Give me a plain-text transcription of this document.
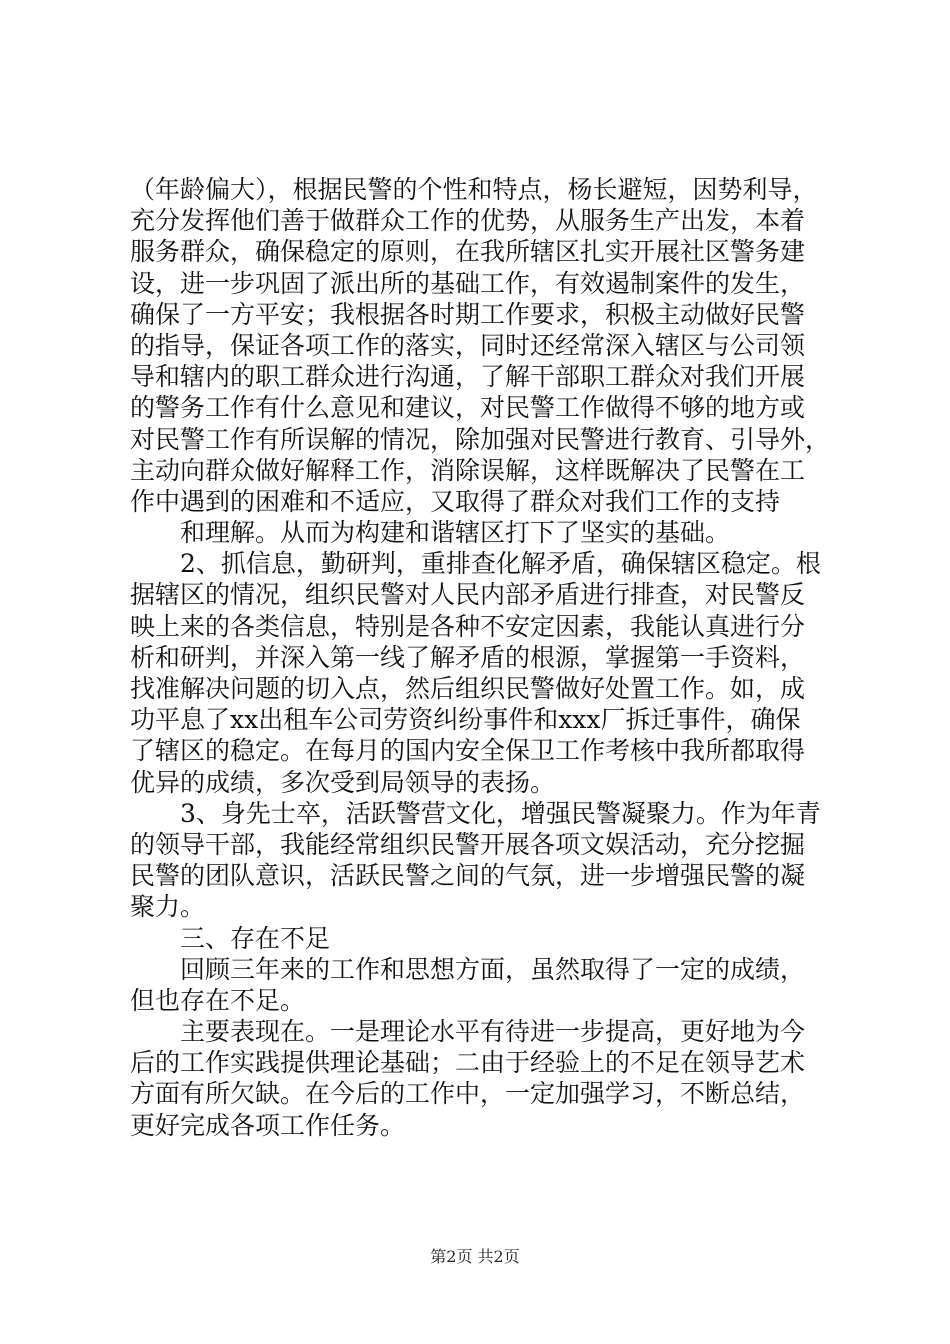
（年龄偏大），根据民警的个性和特点，杨长避短，因势利导，
充分发挥他们善于做群众工作的优势，从服务生产出发，本着
服务群众，确保稳定的原则，在我所辖区扎实开展社区警务建
设，进一步巩固了派出所的基础工作，有效遏制案件的发生，
确保了一方平安；我根据各时期工作要求，积极主动做好民警
的指导，保证各项工作的落实，同时还经常深入辖区与公司领
导和辖内的职工群众进行沟通，了解干部职工群众对我们开展
的警务工作有什么意见和建议，对民警工作做得不够的地方或
对民警工作有所误解的情况，除加强对民警进行教育、引导外，
主动向群众做好解释工作，消除误解，这样既解决了民警在工
作中遇到的困难和不适应，又取得了群众对我们工作的支持
和理解。从而为构建和谐辖区打下了坚实的基础。
2、抓信息，勤研判，重排查化解矛盾，确保辖区稳定。根
据辖区的情况，组织民警对人民内部矛盾进行排查，对民警反
映上来的各类信息，特别是各种不安定因素，我能认真进行分
析和研判，并深入第一线了解矛盾的根源，掌握第一手资料，
找准解决问题的切入点，然后组织民警做好处置工作。如，成
功平息了xx出租车公司劳资纠纷事件和xxx厂拆迁事件，确保
了辖区的稳定。在每月的国内安全保卫工作考核中我所都取得
优异的成绩，多次受到局领导的表扬。
3、身先士卒，活跃警营文化，增强民警凝聚力。作为年青
的领导干部，我能经常组织民警开展各项文娱活动，充分挖掘
民警的团队意识，活跃民警之间的气氛，进一步增强民警的凝
聚力。
三、存在不足
回顾三年来的工作和思想方面，虽然取得了一定的成绩，
但也存在不足。
主要表现在。一是理论水平有待进一步提高，更好地为今
后的工作实践提供理论基础；二由于经验上的不足在领导艺术
方面有所欠缺。在今后的工作中，一定加强学习，不断总结，
更好完成各项工作任务。
第2页 共2页
